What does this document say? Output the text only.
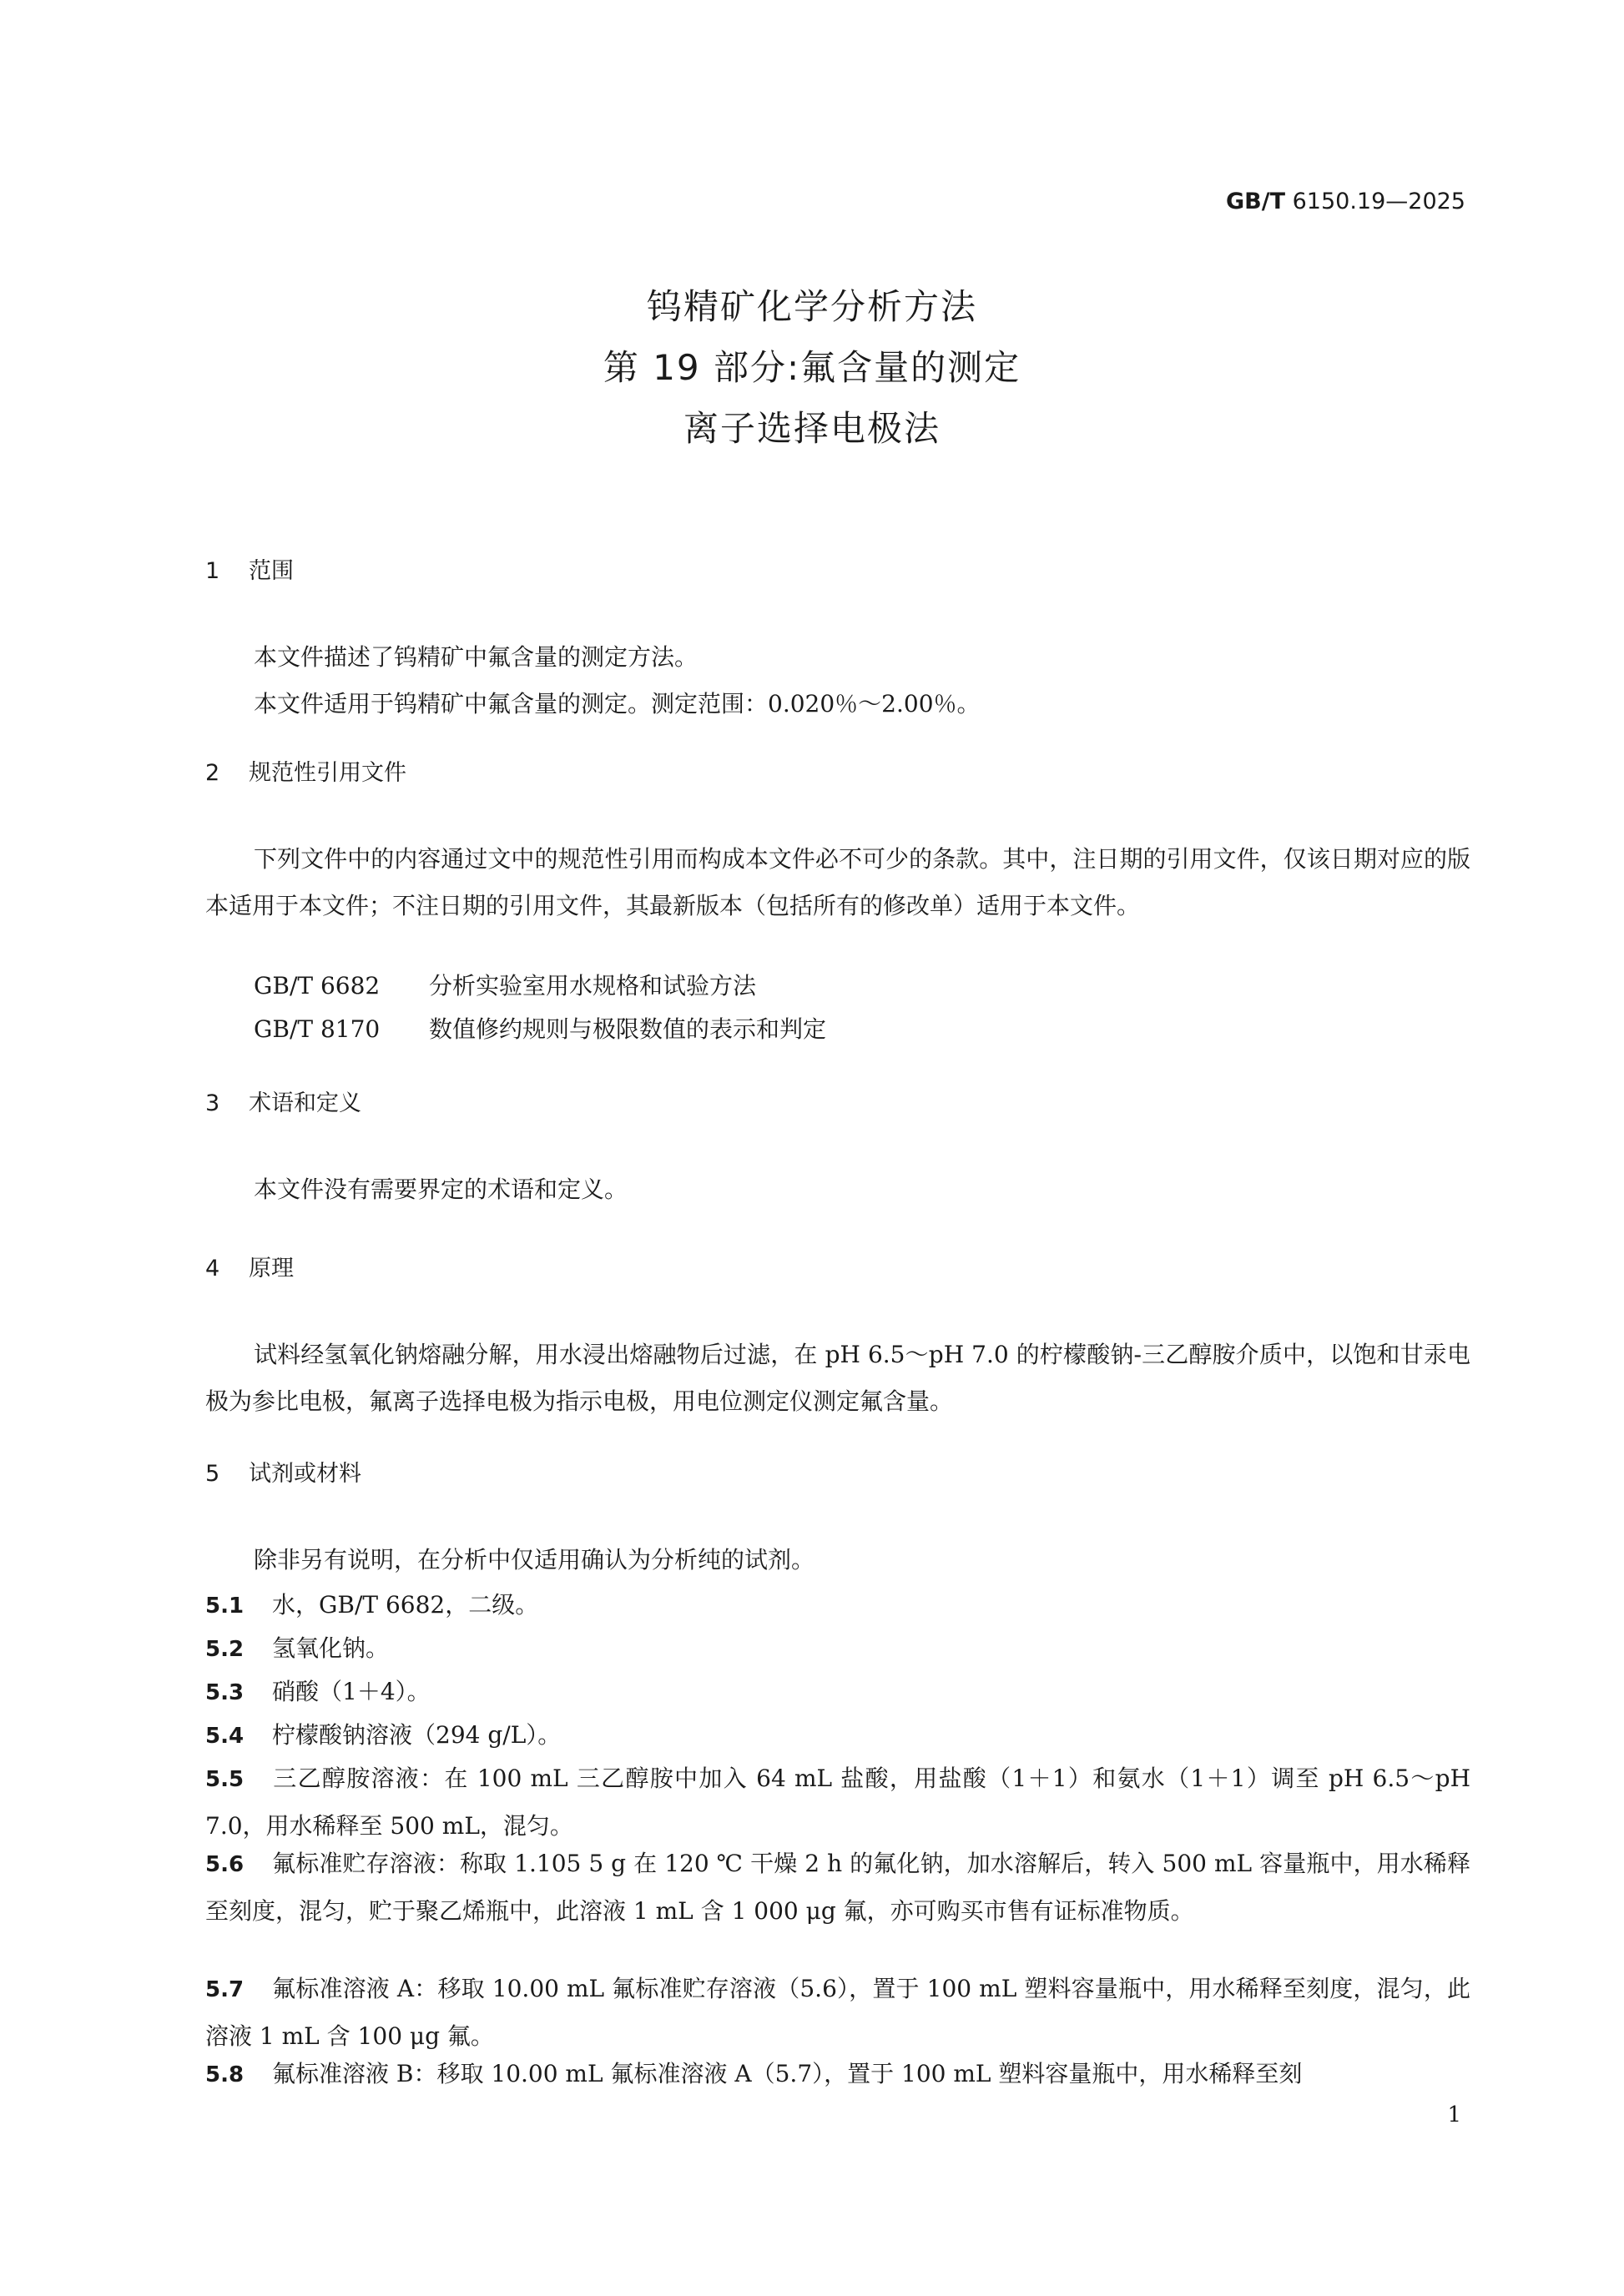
GB/T 6150.19—2025
钨精矿化学分析方法
第 19 部分:氟含量的测定
离子选择电极法
1 范围
本文件描述了钨精矿中氟含量的测定方法。
本文件适用于钨精矿中氟含量的测定。测定范围：0.020％～2.00％。
2 规范性引用文件
下列文件中的内容通过文中的规范性引用而构成本文件必不可少的条款。其中，注日期的引用文件，仅该日期对应的版本适用于本文件；不注日期的引用文件，其最新版本（包括所有的修改单）适用于本文件。
GB/T 6682 分析实验室用水规格和试验方法
GB/T 8170 数值修约规则与极限数值的表示和判定
3 术语和定义
本文件没有需要界定的术语和定义。
4 原理
试料经氢氧化钠熔融分解，用水浸出熔融物后过滤，在 pH 6.5～pH 7.0 的柠檬酸钠-三乙醇胺介质中，以饱和甘汞电极为参比电极，氟离子选择电极为指示电极，用电位测定仪测定氟含量。
5 试剂或材料
除非另有说明，在分析中仅适用确认为分析纯的试剂。
5.1 水，GB/T 6682，二级。
5.2 氢氧化钠。
5.3 硝酸（1＋4）。
5.4 柠檬酸钠溶液（294 g/L）。
5.5 三乙醇胺溶液：在 100 mL 三乙醇胺中加入 64 mL 盐酸，用盐酸（1＋1）和氨水（1＋1）调至 pH 6.5～pH 7.0，用水稀释至 500 mL，混匀。
5.6 氟标准贮存溶液：称取 1.105 5 g 在 120 ℃ 干燥 2 h 的氟化钠，加水溶解后，转入 500 mL 容量瓶中，用水稀释至刻度，混匀，贮于聚乙烯瓶中，此溶液 1 mL 含 1 000 μg 氟，亦可购买市售有证标准物质。
5.7 氟标准溶液 A：移取 10.00 mL 氟标准贮存溶液（5.6），置于 100 mL 塑料容量瓶中，用水稀释至刻度，混匀，此溶液 1 mL 含 100 μg 氟。
5.8 氟标准溶液 B：移取 10.00 mL 氟标准溶液 A（5.7），置于 100 mL 塑料容量瓶中，用水稀释至刻
1
